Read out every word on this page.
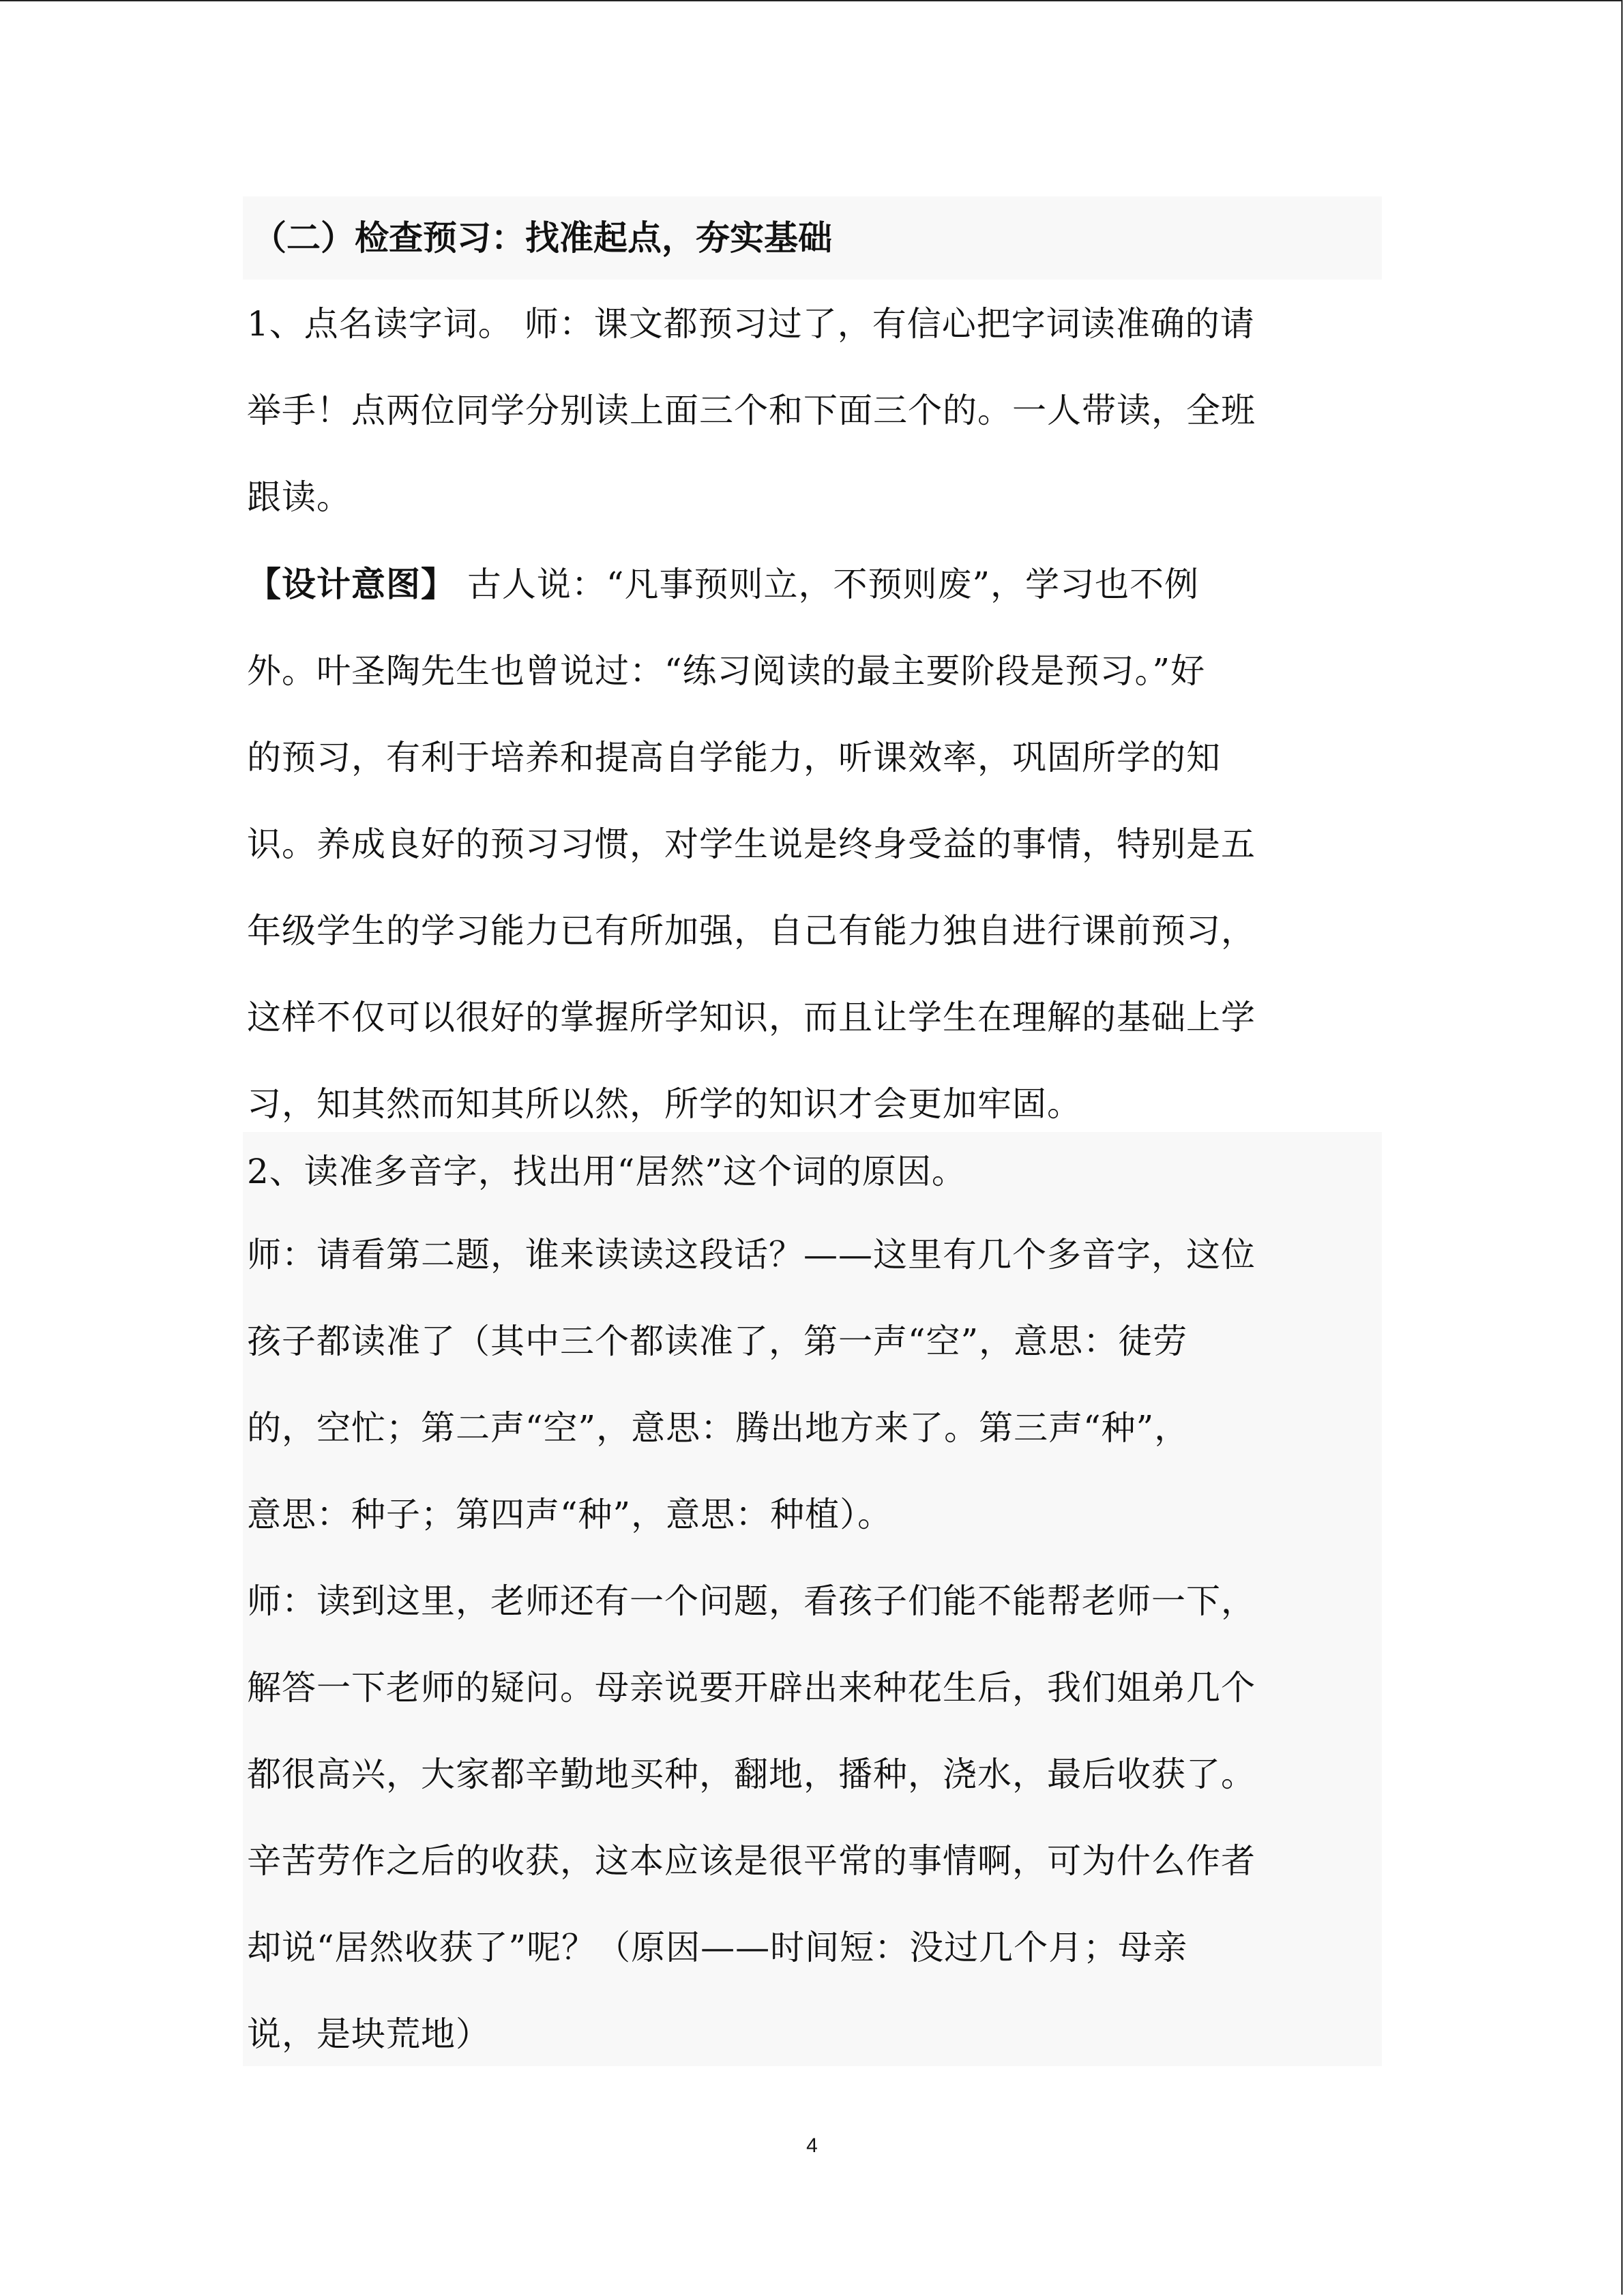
（二）检查预习：找准起点，夯实基础
1、点名读字词。 师：课文都预习过了，有信心把字词读准确的请
举手！点两位同学分别读上面三个和下面三个的。一人带读，全班
跟读。
【设计意图】 古人说：“凡事预则立，不预则废”，学习也不例
外。叶圣陶先生也曾说过：“练习阅读的最主要阶段是预习。”好
的预习，有利于培养和提高自学能力，听课效率，巩固所学的知
识。养成良好的预习习惯，对学生说是终身受益的事情，特别是五
年级学生的学习能力已有所加强，自己有能力独自进行课前预习，
这样不仅可以很好的掌握所学知识，而且让学生在理解的基础上学
习，知其然而知其所以然，所学的知识才会更加牢固。
2、读准多音字，找出用“居然”这个词的原因。
师：请看第二题，谁来读读这段话？——这里有几个多音字，这位
孩子都读准了（其中三个都读准了，第一声“空”，意思：徒劳
的，空忙；第二声“空”，意思：腾出地方来了。第三声“种”，
意思：种子；第四声“种”，意思：种植）。
师：读到这里，老师还有一个问题，看孩子们能不能帮老师一下，
解答一下老师的疑问。母亲说要开辟出来种花生后，我们姐弟几个
都很高兴，大家都辛勤地买种，翻地，播种，浇水，最后收获了。
辛苦劳作之后的收获，这本应该是很平常的事情啊，可为什么作者
却说“居然收获了”呢？（原因——时间短：没过几个月；母亲
说，是块荒地）
4
